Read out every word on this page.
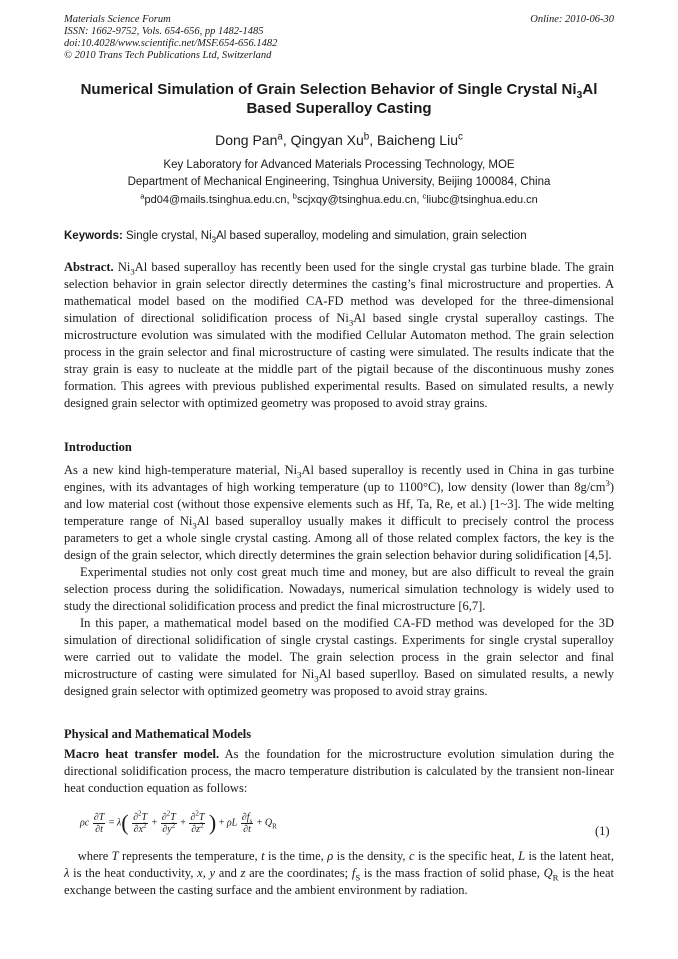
Materials Science Forum
ISSN: 1662-9752, Vols. 654-656, pp 1482-1485
doi:10.4028/www.scientific.net/MSF.654-656.1482
© 2010 Trans Tech Publications Ltd, Switzerland
Online: 2010-06-30
Numerical Simulation of Grain Selection Behavior of Single Crystal $Ni_3Al$
Based Superalloy Casting
Dong Pan$^a$, Qingyan Xu$^b$, Baicheng Liu$^c$
Key Laboratory for Advanced Materials Processing Technology, MOE
Department of Mechanical Engineering, Tsinghua University, Beijing 100084, China
$^a$pd04@mails.tsinghua.edu.cn, $^b$scjxqy@tsinghua.edu.cn, $^c$liubc@tsinghua.edu.cn
Keywords: Single crystal, $Ni_3Al$ based superalloy, modeling and simulation, grain selection
Abstract. $Ni_3Al$ based superalloy has recently been used for the single crystal gas turbine blade. The grain selection behavior in grain selector directly determines the casting’s final microstructure and properties. A mathematical model based on the modified CA-FD method was developed for the three-dimensional simulation of directional solidification process of $Ni_3Al$ based single crystal superalloy castings. The microstructure evolution was simulated with the modified Cellular Automaton method. The grain selection process in the grain selector and final microstructure of casting were simulated. The results indicate that the stray grain is easy to nucleate at the middle part of the pigtail because of the discontinuous mushy zones formation. This agrees with previous published experimental results. Based on simulated results, a newly designed grain selector with optimized geometry was proposed to avoid stray grains.
Introduction

As a new kind high-temperature material, $Ni_3Al$ based superalloy is recently used in China in gas turbine engines, with its advantages of high working temperature (up to 1100°C), low density (lower than $8g/cm^3$) and low material cost (without those expensive elements such as Hf, Ta, Re, et al.) [1~3]. The wide melting temperature range of $Ni_3Al$ based superalloy usually makes it difficult to precisely control the process parameters to get a whole single crystal casting. Among all of those related complex factors, the key is the design of the grain selector, which directly determines the grain selection behavior during solidification [4,5].

Experimental studies not only cost great much time and money, but are also difficult to reveal the grain selection process during the solidification. Nowadays, numerical simulation technology is widely used to study the directional solidification process and predict the final microstructure [6,7].

In this paper, a mathematical model based on the modified CA-FD method was developed for the 3D simulation of directional solidification of single crystal castings. Experiments for single crystal superalloy were carried out to validate the model. The grain selection process in the grain selector and final microstructure of casting were simulated for $Ni_3Al$ based superlloy. Based on simulated results, a newly designed grain selector with optimized geometry was proposed to avoid stray grains.

Physical and Mathematical Models
Macro heat transfer model. As the foundation for the microstructure evolution simulation during the directional solidification process, the macro temperature distribution is calculated by the transient non-linear heat conduction equation as follows:
ρc $\frac{\partial T}{\partial t} = \lambda( \frac{\partial^2T}{\partial x^2} + \frac{\partial^2T}{\partial y^2} + \frac{\partial^2T}{\partial z^2}$ ) + ρL $\frac{\partial f_s}{\partial t} + Q_R$	(1)
where T represents the temperature, t is the time, ρ is the density, c is the specific heat, L is the latent heat, λ is the heat conductivity, x, y and z are the coordinates; $f_S$ is the mass fraction of solid phase, $Q_R$ is the heat exchange between the casting surface and the ambient environment by radiation.
